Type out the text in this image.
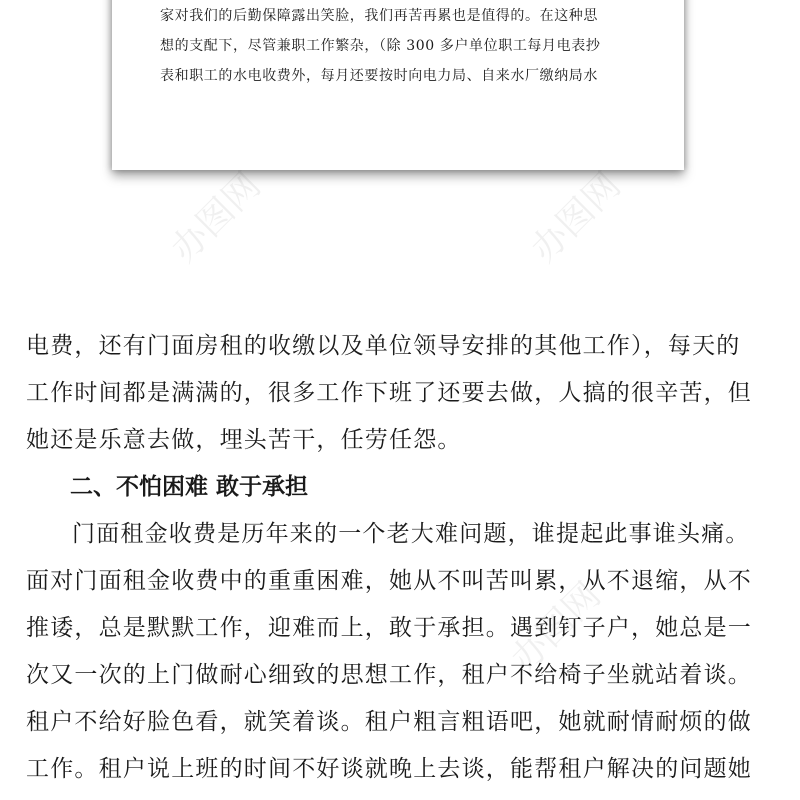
办图网	办图网
办图网
家对我们的后勤保障露出笑脸，我们再苦再累也是值得的。在这种思
想的支配下，尽管兼职工作繁杂，（除 300 多户单位职工每月电表抄
表和职工的水电收费外，每月还要按时向电力局、自来水厂缴纳局水
电费，还有门面房租的收缴以及单位领导安排的其他工作），每天的
工作时间都是满满的，很多工作下班了还要去做，人搞的很辛苦，但
她还是乐意去做，埋头苦干，任劳任怨。
二、不怕困难 敢于承担
门面租金收费是历年来的一个老大难问题，谁提起此事谁头痛。
面对门面租金收费中的重重困难，她从不叫苦叫累，从不退缩，从不
推诿，总是默默工作，迎难而上，敢于承担。遇到钉子户，她总是一
次又一次的上门做耐心细致的思想工作，租户不给椅子坐就站着谈。
租户不给好脸色看，就笑着谈。租户粗言粗语吧，她就耐情耐烦的做
工作。租户说上班的时间不好谈就晚上去谈，能帮租户解决的问题她
